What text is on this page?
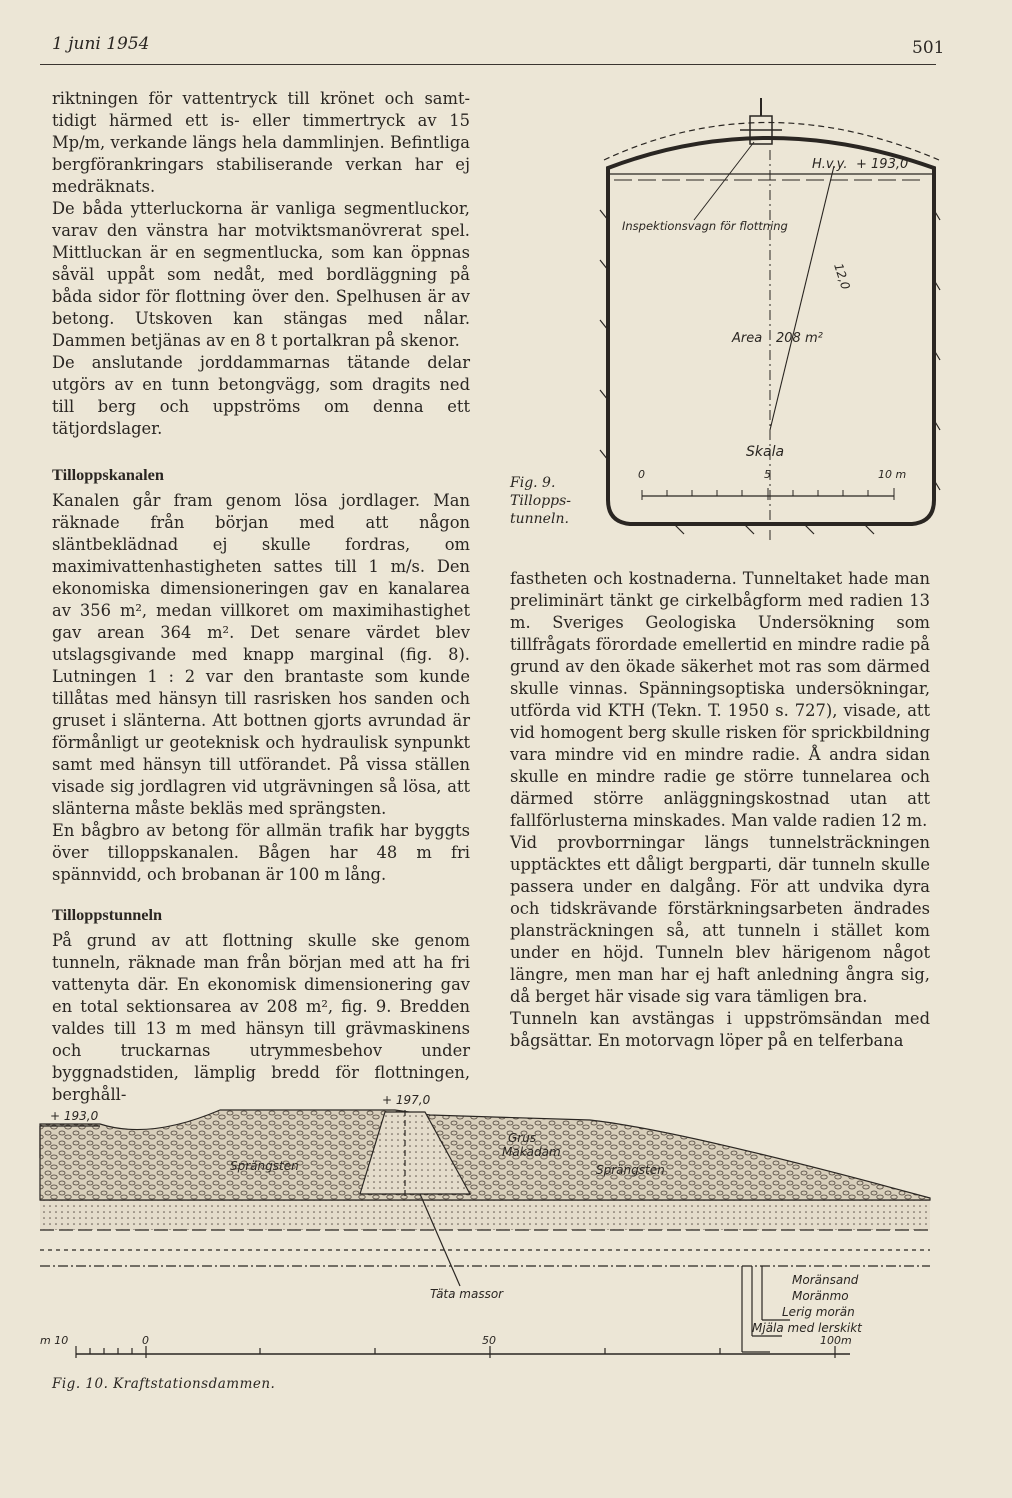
1 juni 1954	501

riktningen för vattentryck till krönet och samt-tidigt härmed ett is- eller timmertryck av 15 Mp/m, verkande längs hela dammlinjen. Befintliga bergförankringars stabiliserande verkan har ej medräknats.

De båda ytterluckorna är vanliga segmentluckor, varav den vänstra har motviktsmanövrerat spel. Mittluckan är en segmentlucka, som kan öppnas såväl uppåt som nedåt, med bordläggning på båda sidor för flottning över den. Spelhusen är av betong. Utskoven kan stängas med nålar. Dammen betjänas av en 8 t portalkran på skenor.

De anslutande jorddammarnas tätande delar utgörs av en tunn betongvägg, som dragits ned till berg och uppströms om denna ett tätjordslager.

Tilloppskanalen

Kanalen går fram genom lösa jordlager. Man räknade från början med att någon släntbeklädnad ej skulle fordras, om maximivattenhastigheten sattes till 1 m/s. Den ekonomiska dimensioneringen gav en kanalarea av 356 m², medan villkoret om maximihastighet gav arean 364 m². Det senare värdet blev utslagsgivande med knapp marginal (fig. 8). Lutningen 1 : 2 var den brantaste som kunde tillåtas med hänsyn till rasrisken hos sanden och gruset i slänterna. Att bottnen gjorts avrundad är förmånligt ur geoteknisk och hydraulisk synpunkt samt med hänsyn till utförandet. På vissa ställen visade sig jordlagren vid utgrävningen så lösa, att slänterna måste bekläs med sprängsten.

En bågbro av betong för allmän trafik har byggts över tilloppskanalen. Bågen har 48 m fri spännvidd, och brobanan är 100 m lång.

Tilloppstunneln

På grund av att flottning skulle ske genom tunneln, räknade man från början med att ha fri vattenyta där. En ekonomisk dimensionering gav en total sektionsarea av 208 m², fig. 9. Bredden valdes till 13 m med hänsyn till grävmaskinens och truckarnas utrymmesbehov under byggnadstiden, lämplig bredd för flottningen, berghåll-

fastheten och kostnaderna. Tunneltaket hade man preliminärt tänkt ge cirkelbågform med radien 13 m. Sveriges Geologiska Undersökning som tillfrågats förordade emellertid en mindre radie på grund av den ökade säkerhet mot ras som därmed skulle vinnas. Spänningsoptiska undersökningar, utförda vid KTH (Tekn. T. 1950 s. 727), visade, att vid homogent berg skulle risken för sprickbildning vara mindre vid en mindre radie. Å andra sidan skulle en mindre radie ge större tunnelarea och därmed större anläggningskostnad utan att fallförlusterna minskades. Man valde radien 12 m.

Vid provborrningar längs tunnelsträckningen upptäcktes ett dåligt bergparti, där tunneln skulle passera under en dalgång. För att undvika dyra och tidskrävande förstärkningsarbeten ändrades plansträckningen så, att tunneln i stället kom under en höjd. Tunneln blev härigenom något längre, men man har ej haft anledning ångra sig, då berget här visade sig vara tämligen bra.

Tunneln kan avstängas i uppströmsändan med bågsättar. En motorvagn löper på en telferbana

Fig. 9.
Tillopps-tunneln.
H.v.y. + 193,0
Inspektionsvagn för flottning
12,0
Area 208 m²
Skala
0	5	10 m
+ 193,0
+ 197,0
Sprängsten
Grus
Makadam
Sprängsten
Täta massor
Moränsand
Moränmo
Lerig morän
Mjäla med lerskikt
m 10	0	50	100m
Fig. 10. Kraftstationsdammen.
